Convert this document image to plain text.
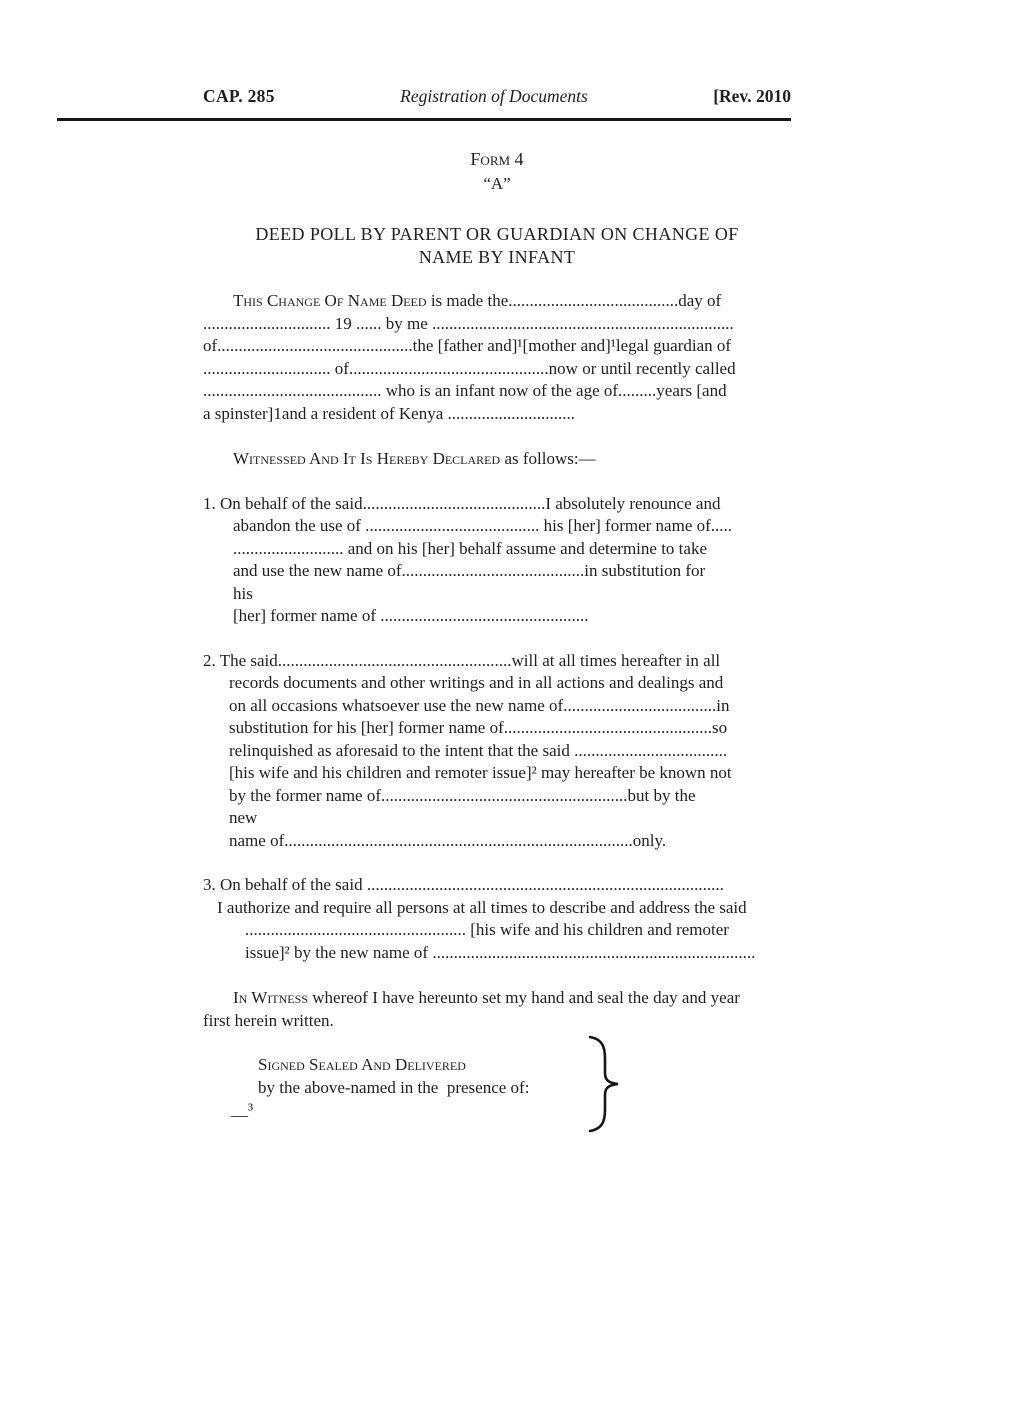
CAP. 285	Registration of Documents	[Rev. 2010
Form 4
“A”
DEED POLL BY PARENT OR GUARDIAN ON CHANGE OF
NAME BY INFANT
This Change Of Name Deed is made the........................................day of
.............................. 19 ...... by me .......................................................................
of..............................................the [father and]¹[mother and]¹legal guardian of
.............................. of...............................................now or until recently called
.......................................... who is an infant now of the age of.........years [and
a spinster]1and a resident of Kenya ..............................
Witnessed And It Is Hereby Declared as follows:—
1. On behalf of the said...........................................I absolutely renounce and
abandon the use of ......................................... his [her] former name of.....
.......................... and on his [her] behalf assume and determine to take
and use the new name of...........................................in substitution for
his
[her] former name of .................................................
2. The said.......................................................will at all times hereafter in all
records documents and other writings and in all actions and dealings and
on all occasions whatsoever use the new name of....................................in
substitution for his [her] former name of.................................................so
relinquished as aforesaid to the intent that the said ....................................
[his wife and his children and remoter issue]² may hereafter be known not
by the former name of..........................................................but by the
new
name of..................................................................................only.
3. On behalf of the said ....................................................................................
I authorize and require all persons at all times to describe and address the said
.................................................... [his wife and his children and remoter
issue]² by the new name of ............................................................................
In Witness whereof I have hereunto set my hand and seal the day and year
first herein written.
Signed Sealed And Delivered
by the above-named in the  presence of:
__³
